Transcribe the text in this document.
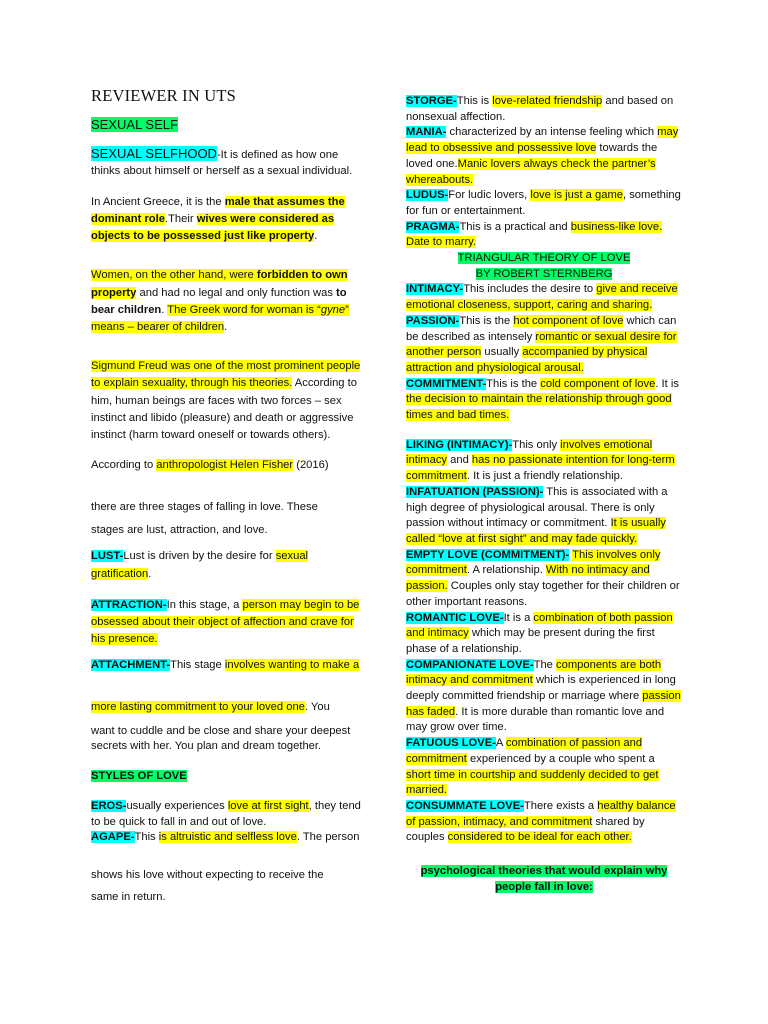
REVIEWER IN UTS

SEXUAL SELF

SEXUAL SELFHOOD-It is defined as how one thinks about himself or herself as a sexual individual.

In Ancient Greece, it is the male that assumes the dominant role.Their wives were considered as objects to be possessed just like property.

Women, on the other hand, were forbidden to own property and had no legal and only function was to bear children. The Greek word for woman is “gyne” means – bearer of children.

Sigmund Freud was one of the most prominent people to explain sexuality, through his theories. According to him, human beings are faces with two forces – sex instinct and libido (pleasure) and death or aggressive instinct (harm toward oneself or towards others).

According to anthropologist Helen Fisher (2016)

there are three stages of falling in love. These
stages are lust, attraction, and love.

LUST-Lust is driven by the desire for sexual gratification.

ATTRACTION-In this stage, a person may begin to be obsessed about their object of affection and crave for his presence.

ATTACHMENT-This stage involves wanting to make a

more lasting commitment to your loved one. You

want to cuddle and be close and share your deepest secrets with her. You plan and dream together.

STYLES OF LOVE

EROS-usually experiences love at first sight, they tend to be quick to fall in and out of love.

AGAPE-This is altruistic and selfless love. The person

shows his love without expecting to receive the
same in return.

STORGE-This is love-related friendship and based on nonsexual affection.

MANIA- characterized by an intense feeling which may lead to obsessive and possessive love towards the loved one.Manic lovers always check the partner’s whereabouts.

LUDUS-For ludic lovers, love is just a game, something for fun or entertainment.

PRAGMA-This is a practical and business-like love. Date to marry.

TRIANGULAR THEORY OF LOVE
BY ROBERT STERNBERG

INTIMACY-This includes the desire to give and receive emotional closeness, support, caring and sharing.

PASSION-This is the hot component of love which can be described as intensely romantic or sexual desire for another person usually accompanied by physical attraction and physiological arousal.

COMMITMENT-This is the cold component of love. It is the decision to maintain the relationship through good times and bad times.

LIKING (INTIMACY)-This only involves emotional intimacy and has no passionate intention for long-term commitment. It is just a friendly relationship.

INFATUATION (PASSION)- This is associated with a high degree of physiological arousal. There is only passion without intimacy or commitment. It is usually called “love at first sight” and may fade quickly.

EMPTY LOVE (COMMITMENT)- This involves only commitment. A relationship. With no intimacy and passion. Couples only stay together for their children or other important reasons.

ROMANTIC LOVE-It is a combination of both passion and intimacy which may be present during the first phase of a relationship.

COMPANIONATE LOVE-The components are both intimacy and commitment which is experienced in long deeply committed friendship or marriage where passion has faded. It is more durable than romantic love and may grow over time.

FATUOUS LOVE-A combination of passion and commitment experienced by a couple who spent a short time in courtship and suddenly decided to get married.

CONSUMMATE LOVE-There exists a healthy balance of passion, intimacy, and commitment shared by couples considered to be ideal for each other.

psychological theories that would explain why people fall in love:
